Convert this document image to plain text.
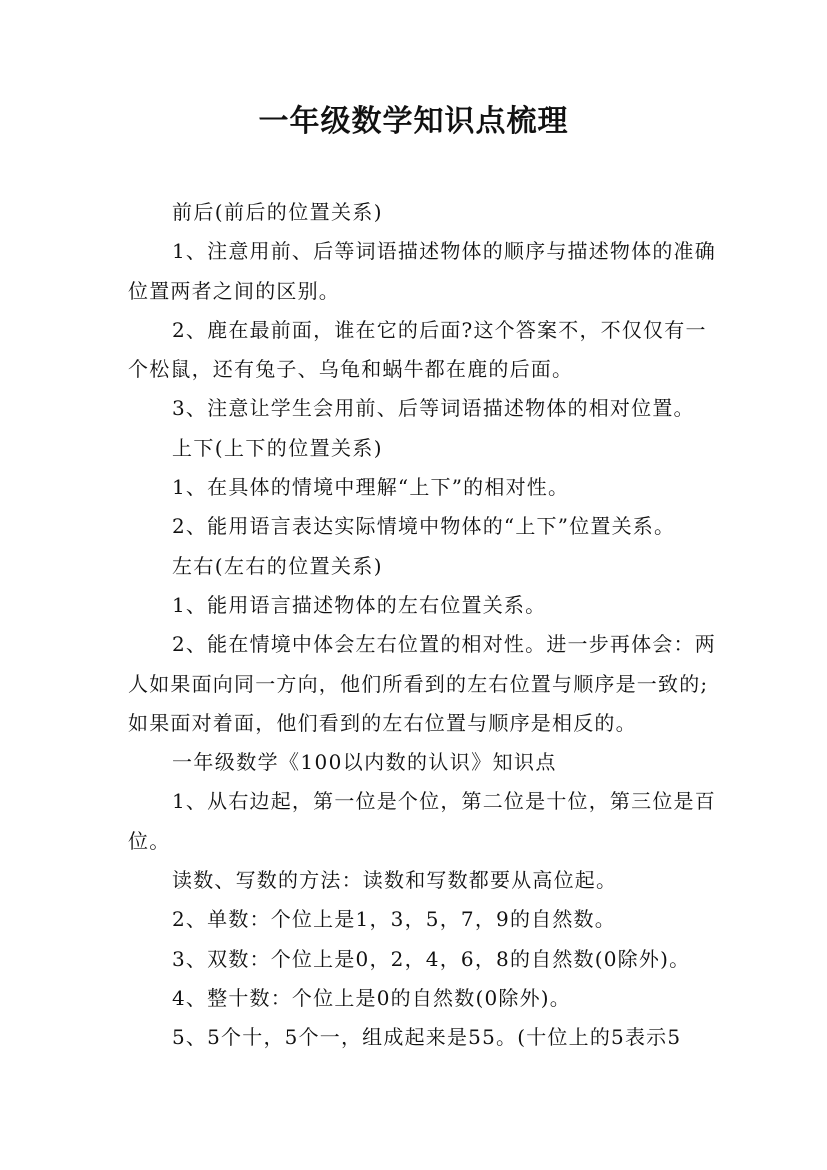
一年级数学知识点梳理

前后(前后的位置关系)

1、注意用前、后等词语描述物体的顺序与描述物体的准确位置两者之间的区别。

2、鹿在最前面，谁在它的后面?这个答案不，不仅仅有一个松鼠，还有兔子、乌龟和蜗牛都在鹿的后面。

3、注意让学生会用前、后等词语描述物体的相对位置。

上下(上下的位置关系)

1、在具体的情境中理解“上下”的相对性。

2、能用语言表达实际情境中物体的“上下”位置关系。

左右(左右的位置关系)

1、能用语言描述物体的左右位置关系。

2、能在情境中体会左右位置的相对性。进一步再体会：两人如果面向同一方向，他们所看到的左右位置与顺序是一致的;如果面对着面，他们看到的左右位置与顺序是相反的。

一年级数学《100以内数的认识》知识点

1、从右边起，第一位是个位，第二位是十位，第三位是百位。

读数、写数的方法：读数和写数都要从高位起。

2、单数：个位上是1，3，5，7，9的自然数。

3、双数：个位上是0，2，4，6，8的自然数(0除外)。

4、整十数：个位上是0的自然数(0除外)。

5、5个十，5个一，组成起来是55。(十位上的5表示5
